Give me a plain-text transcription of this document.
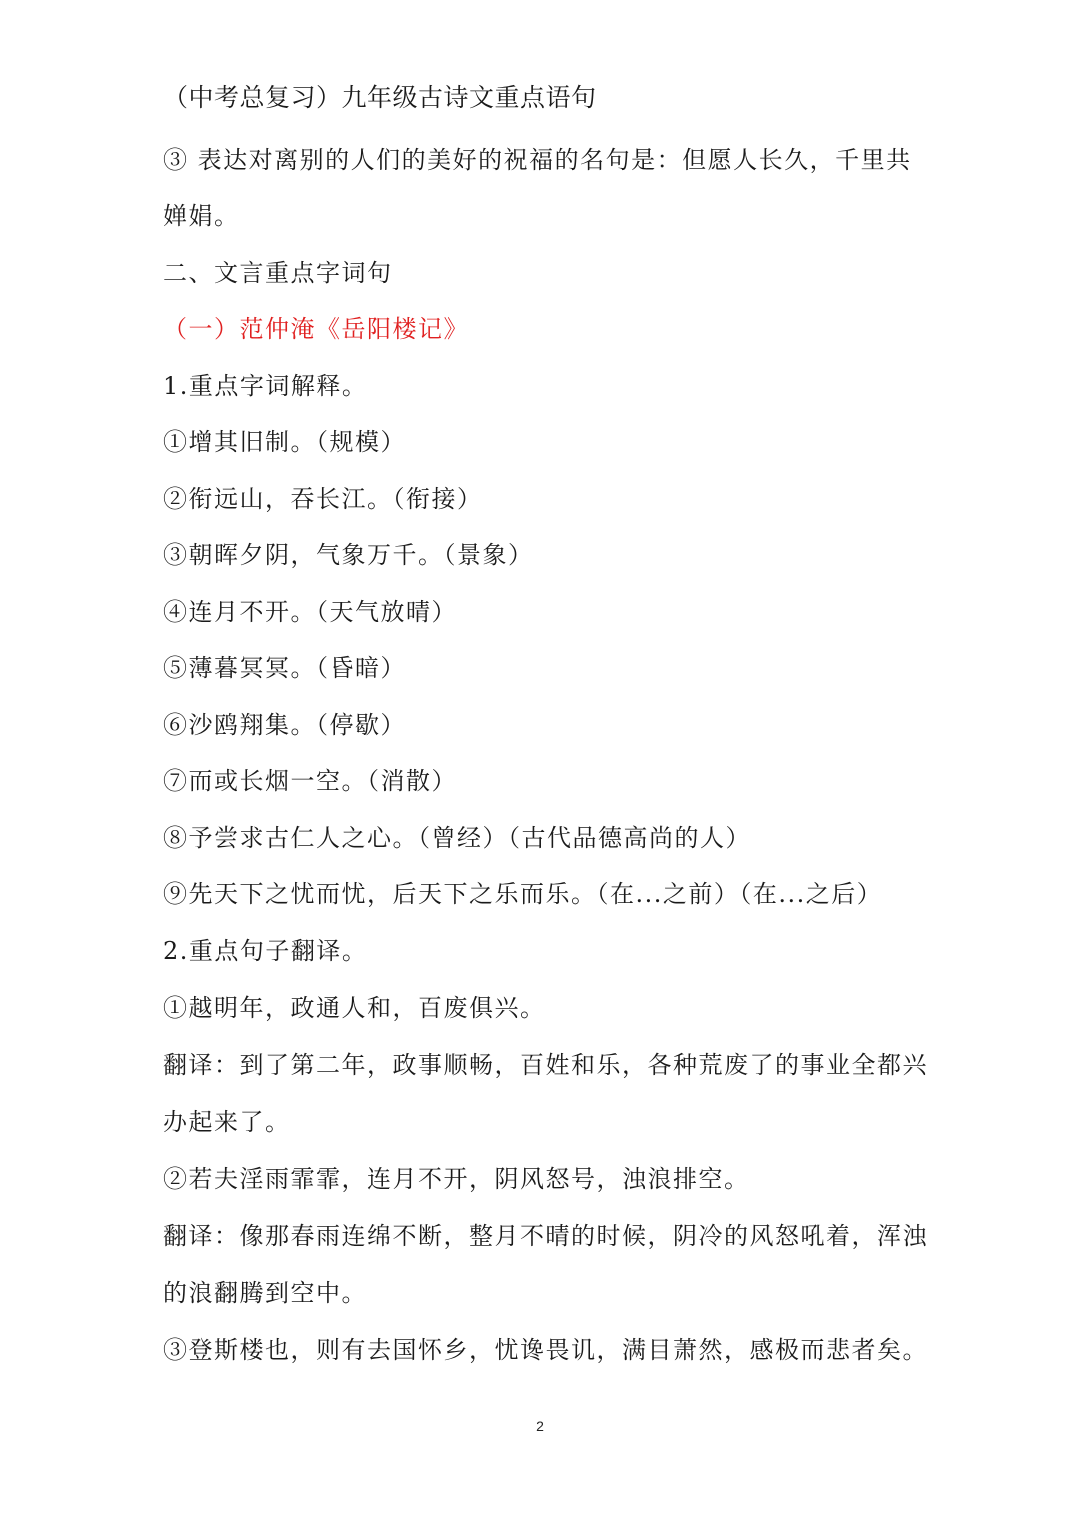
（中考总复习）九年级古诗文重点语句
③ 表达对离别的人们的美好的祝福的名句是：但愿人长久，千里共
婵娟。
二、文言重点字词句
（一）范仲淹《岳阳楼记》
1.重点字词解释。
①增其旧制。（规模）
②衔远山，吞长江。（衔接）
③朝晖夕阴，气象万千。（景象）
④连月不开。（天气放晴）
⑤薄暮冥冥。（昏暗）
⑥沙鸥翔集。（停歇）
⑦而或长烟一空。（消散）
⑧予尝求古仁人之心。（曾经）（古代品德高尚的人）
⑨先天下之忧而忧，后天下之乐而乐。（在...之前）（在...之后）
2.重点句子翻译。
①越明年，政通人和，百废俱兴。
翻译：到了第二年，政事顺畅，百姓和乐，各种荒废了的事业全都兴
办起来了。
②若夫淫雨霏霏，连月不开，阴风怒号，浊浪排空。
翻译：像那春雨连绵不断，整月不晴的时候，阴冷的风怒吼着，浑浊
的浪翻腾到空中。
③登斯楼也，则有去国怀乡，忧谗畏讥，满目萧然，感极而悲者矣。
2
